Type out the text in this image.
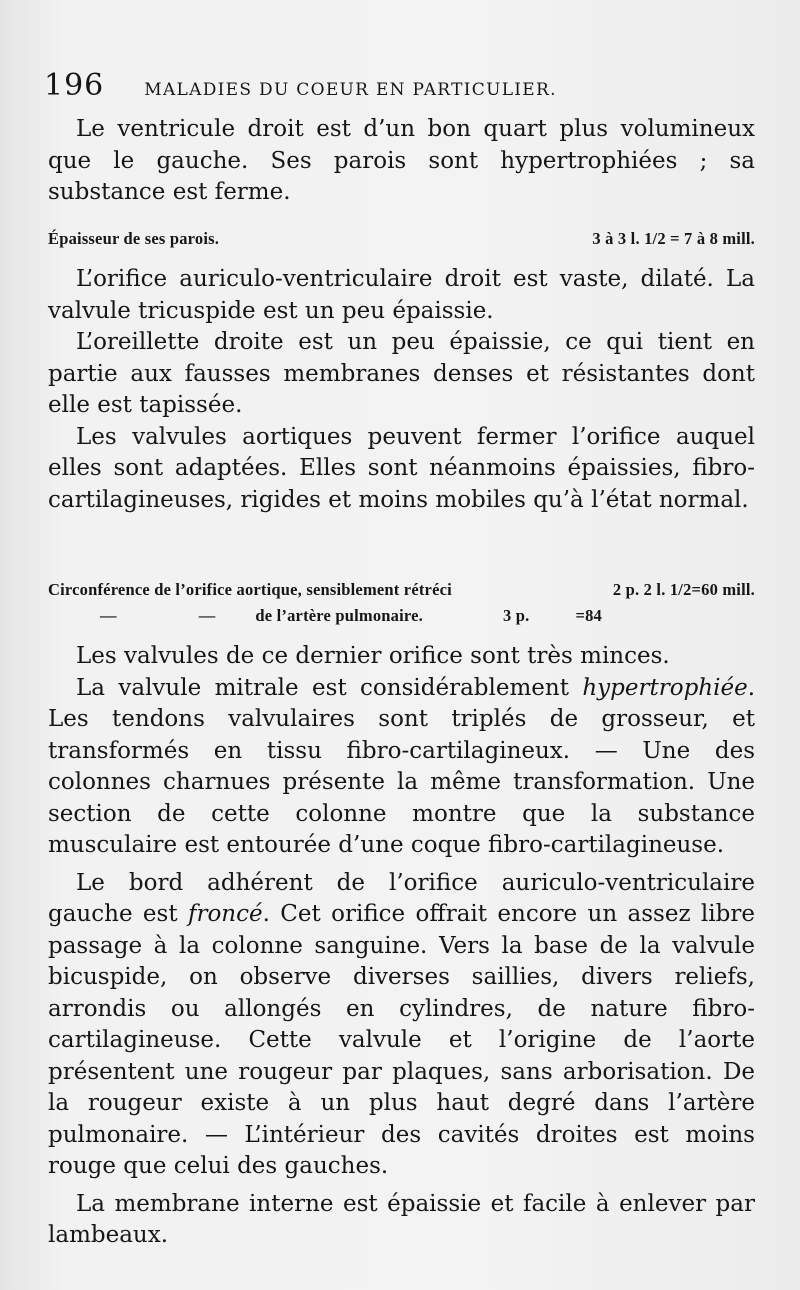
196 MALADIES DU COEUR EN PARTICULIER.

Le ventricule droit est d’un bon quart plus volumineux que le gauche. Ses parois sont hypertrophiées ; sa substance est ferme.

Épaisseur de ses parois.	3 à 3 l. 1/2 = 7 à 8 mill.

L’orifice auriculo-ventriculaire droit est vaste, dilaté. La valvule tricuspide est un peu épaissie.

L’oreillette droite est un peu épaissie, ce qui tient en partie aux fausses membranes denses et résistantes dont elle est tapissée.

Les valvules aortiques peuvent fermer l’orifice auquel elles sont adaptées. Elles sont néanmoins épaissies, fibro-cartilagineuses, rigides et moins mobiles qu’à l’état normal.

Circonférence de l’orifice aortique, sensiblement rétréci	2 p. 2 l. 1/2=60 mill.
—	— de l’artère pulmonaire.	3 p.	=84

Les valvules de ce dernier orifice sont très minces.

La valvule mitrale est considérablement hypertrophiée. Les tendons valvulaires sont triplés de grosseur, et transformés en tissu fibro-cartilagineux. — Une des colonnes charnues présente la même transformation. Une section de cette colonne montre que la substance musculaire est entourée d’une coque fibro-cartilagineuse.

Le bord adhérent de l’orifice auriculo-ventriculaire gauche est froncé. Cet orifice offrait encore un assez libre passage à la colonne sanguine. Vers la base de la valvule bicuspide, on observe diverses saillies, divers reliefs, arrondis ou allongés en cylindres, de nature fibro-cartilagineuse. Cette valvule et l’origine de l’aorte présentent une rougeur par plaques, sans arborisation. De la rougeur existe à un plus haut degré dans l’artère pulmonaire. — L’intérieur des cavités droites est moins rouge que celui des gauches.

La membrane interne est épaissie et facile à enlever par lambeaux.
